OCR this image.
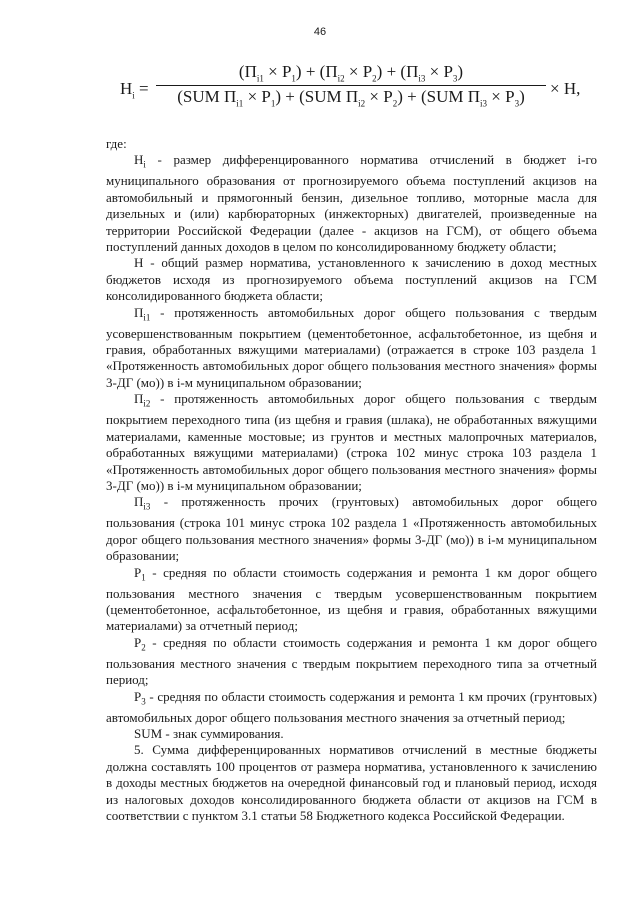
46
$Н_i$ =
$(П_{i1} \times Р_1) + (П_{i2} \times Р_2) + (П_{i3} \times Р_3)$
(SUM $П_{i1} \times Р_1) + (SUM$ $П_{i2} \times Р_2) + (SUM$ $П_{i3} \times Р_3$)	× Н,

где:

$Н_i$ - размер дифференцированного норматива отчислений в бюджет i-го муниципального образования от прогнозируемого объема поступлений акцизов на автомобильный и прямогонный бензин, дизельное топливо, моторные масла для дизельных и (или) карбюраторных (инжекторных) двигателей, произведенные на территории Российской Федерации (далее - акцизов на ГСМ), от общего объема поступлений данных доходов в целом по консолидированному бюджету области;

Н - общий размер норматива, установленного к зачислению в доход местных бюджетов исходя из прогнозируемого объема поступлений акцизов на ГСМ консолидированного бюджета области;

$П_{i1}$ - протяженность автомобильных дорог общего пользования с твердым усовершенствованным покрытием (цементобетонное, асфальтобетонное, из щебня и гравия, обработанных вяжущими материалами) (отражается в строке 103 раздела 1 «Протяженность автомобильных дорог общего пользования местного значения» формы 3-ДГ (мо)) в i-м муниципальном образовании;

$П_{i2}$ - протяженность автомобильных дорог общего пользования с твердым покрытием переходного типа (из щебня и гравия (шлака), не обработанных вяжущими материалами, каменные мостовые; из грунтов и местных малопрочных материалов, обработанных вяжущими материалами) (строка 102 минус строка 103 раздела 1 «Протяженность автомобильных дорог общего пользования местного значения» формы 3-ДГ (мо)) в i-м муниципальном образовании;

$П_{i3}$ - протяженность прочих (грунтовых) автомобильных дорог общего пользования (строка 101 минус строка 102 раздела 1 «Протяженность автомобильных дорог общего пользования местного значения» формы 3-ДГ (мо)) в i-м муниципальном образовании;

$Р_1$ - средняя по области стоимость содержания и ремонта 1 км дорог общего пользования местного значения с твердым усовершенствованным покрытием (цементобетонное, асфальтобетонное, из щебня и гравия, обработанных вяжущими материалами) за отчетный период;

$Р_2$ - средняя по области стоимость содержания и ремонта 1 км дорог общего пользования местного значения с твердым покрытием переходного типа за отчетный период;

$Р_3$ - средняя по области стоимость содержания и ремонта 1 км прочих (грунтовых) автомобильных дорог общего пользования местного значения за отчетный период;

SUM - знак суммирования.

5. Сумма дифференцированных нормативов отчислений в местные бюджеты должна составлять 100 процентов от размера норматива, установленного к зачислению в доходы местных бюджетов на очередной финансовый год и плановый период, исходя из налоговых доходов консолидированного бюджета области от акцизов на ГСМ в соответствии с пунктом 3.1 статьи 58 Бюджетного кодекса Российской Федерации.
